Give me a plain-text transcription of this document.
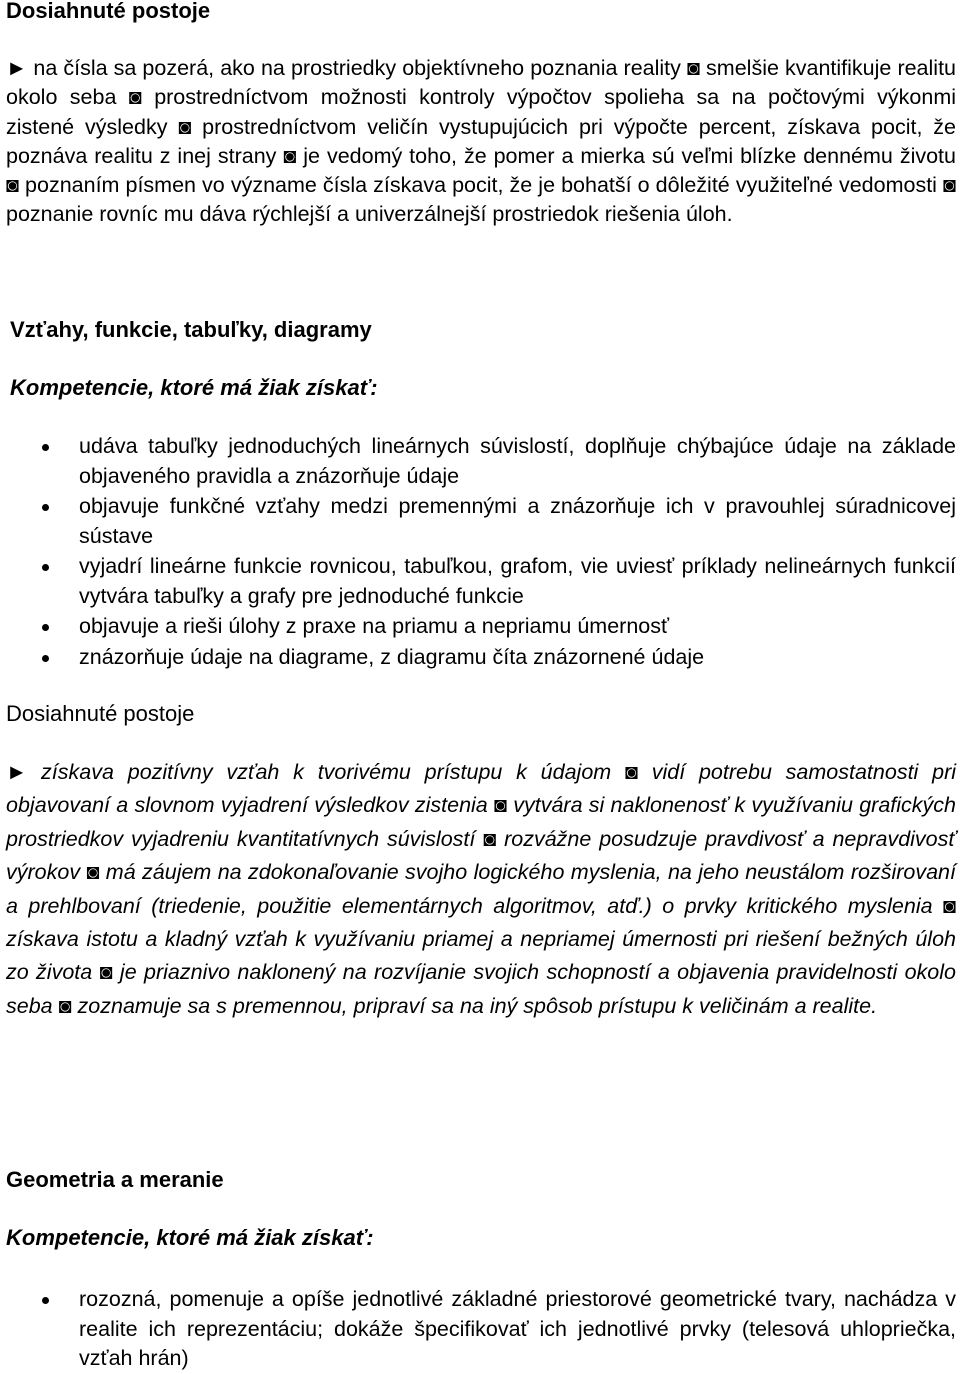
Dosiahnuté postoje

► na čísla sa pozerá, ako na prostriedky objektívneho poznania reality ◙ smelšie kvantifikuje realitu okolo seba ◙ prostredníctvom možnosti kontroly výpočtov spolieha sa na počtovými výkonmi zistené výsledky ◙ prostredníctvom veličín vystupujúcich pri výpočte percent, získava pocit, že poznáva realitu z inej strany ◙ je vedomý toho, že pomer a mierka sú veľmi blízke dennému životu ◙ poznaním písmen vo význame čísla získava pocit, že je bohatší o dôležité využiteľné vedomosti ◙ poznanie rovníc mu dáva rýchlejší a univerzálnejší prostriedok riešenia úloh.

Vzťahy, funkcie, tabuľky, diagramy
Kompetencie, ktoré má žiak získať:
udáva tabuľky jednoduchých lineárnych súvislostí, doplňuje chýbajúce údaje na základe objaveného pravidla a znázorňuje údaje
objavuje funkčné vzťahy medzi premennými a znázorňuje ich v pravouhlej súradnicovej sústave
vyjadrí lineárne funkcie rovnicou, tabuľkou, grafom, vie uviesť príklady nelineárnych funkcií vytvára tabuľky a grafy pre jednoduché funkcie
objavuje a rieši úlohy z praxe na priamu a nepriamu úmernosť
znázorňuje údaje na diagrame, z diagramu číta znázornené údaje
Dosiahnuté postoje

► získava pozitívny vzťah k tvorivému prístupu k údajom ◙ vidí potrebu samostatnosti pri objavovaní a slovnom vyjadrení výsledkov zistenia ◙ vytvára si naklonenosť k využívaniu grafických prostriedkov vyjadreniu kvantitatívnych súvislostí ◙ rozvážne posudzuje pravdivosť a nepravdivosť výrokov ◙ má záujem na zdokonaľovanie svojho logického myslenia, na jeho neustálom rozširovaní a prehlbovaní (triedenie, použitie elementárnych algoritmov, atď.) o prvky kritického myslenia ◙ získava istotu a kladný vzťah k využívaniu priamej a nepriamej úmernosti pri riešení bežných úloh zo života ◙ je priaznivo naklonený na rozvíjanie svojich schopností a objavenia pravidelnosti okolo seba ◙ zoznamuje sa s premennou, pripraví sa na iný spôsob prístupu k veličinám a realite.

Geometria a meranie
Kompetencie, ktoré má žiak získať:
rozozná, pomenuje a opíše jednotlivé základné priestorové geometrické tvary, nachádza v realite ich reprezentáciu; dokáže špecifikovať ich jednotlivé prvky (telesová uhlopriečka, vzťah hrán)
